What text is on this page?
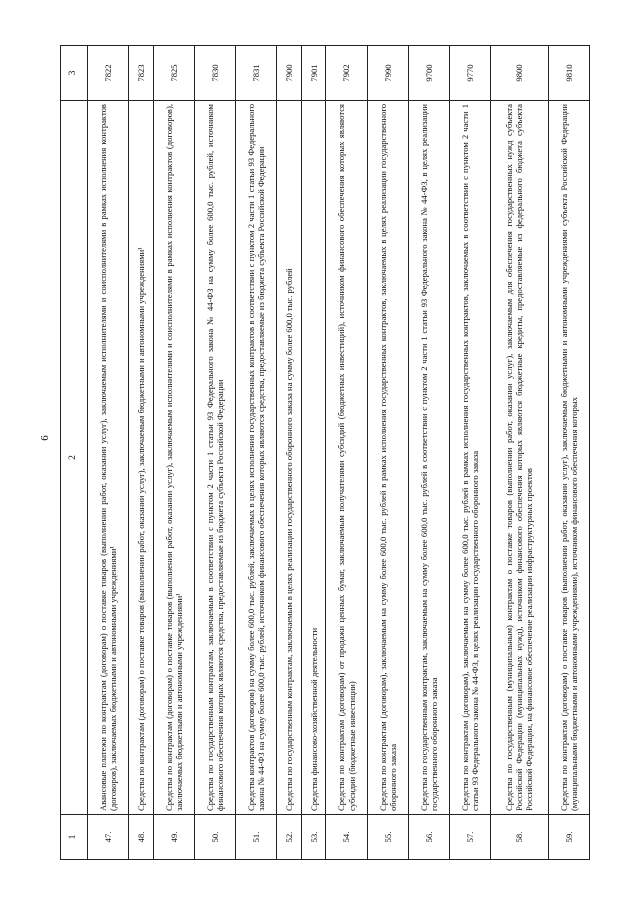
6
1	2	3
47.	Авансовые платежи по контрактам (договорам) о поставке товаров (выполнении работ, оказании услуг), заключаемым исполнителями и соисполнителями в рамках исполнения контрактов (договоров), заключаемых бюджетными и автономными учреждениями¹	7822
48.	Средства по контрактам (договорам) о поставке товаров (выполнении работ, оказании услуг), заключаемым бюджетными и автономными учреждениями¹	7823
49.	Средства по контрактам (договорам) о поставке товаров (выполнении работ, оказании услуг), заключаемым исполнителями и соисполнителями в рамках исполнения контрактов (договоров), заключаемых бюджетными и автономными учреждениями¹	7825
50.	Средства по государственным контрактам, заключаемым в соответствии с пунктом 2 части 1 статьи 93 Федерального закона № 44-ФЗ на сумму более 600,0 тыс. рублей, источником финансового обеспечения которых являются средства, предоставляемые из бюджета субъекта Российской Федерации	7830
51.	Средства контрактов (договоров) на сумму более 600,0 тыс. рублей, заключаемых в целях исполнения государственных контрактов в соответствии с пунктом 2 части 1 статьи 93 Федерального закона № 44-ФЗ на сумму более 600,0 тыс. рублей, источником финансового обеспечения которых являются средства, предоставляемые из бюджета субъекта Российской Федерации	7831
52.	Средства по государственным контрактам, заключаемым в целях реализации государственного оборонного заказа на сумму более 600,0 тыс. рублей	7900
53.	Средства финансово-хозяйственной деятельности	7901
54.	Средства по контрактам (договорам) от продажи ценных бумаг, заключаемым получателями субсидий (бюджетных инвестиций), источником финансового обеспечения которых являются субсидии (бюджетные инвестиции)	7902
55.	Средства по контрактам (договорам), заключаемым на сумму более 600,0 тыс. рублей в рамках исполнения государственных контрактов, заключаемых в целях реализации государственного оборонного заказа	7990
56.	Средства по государственным контрактам, заключаемым на сумму более 600,0 тыс. рублей в соответствии с пунктом 2 части 1 статьи 93 Федерального закона № 44-ФЗ, в целях реализации государственного оборонного заказа	9700
57.	Средства по контрактам (договорам), заключаемым на сумму более 600,0 тыс. рублей в рамках исполнения государственных контрактов, заключаемых в соответствии с пунктом 2 части 1 статьи 93 Федерального закона № 44-ФЗ, в целях реализации государственного оборонного заказа	9770
58.	Средства по государственным (муниципальным) контрактам о поставке товаров (выполнении работ, оказании услуг), заключаемым для обеспечения государственных нужд субъекта Российской Федерации (муниципальных нужд), источником финансового обеспечения которых являются бюджетные кредиты, предоставляемые из федерального бюджета субъекта Российской Федерации, на финансовое обеспечение реализации инфраструктурных проектов	9800
59.	Средства по контрактам (договорам) о поставке товаров (выполнении работ, оказании услуг), заключаемым бюджетными и автономными учреждениями субъекта Российской Федерации (муниципальными бюджетными и автономными учреждениями), источником финансового обеспечения которых	9810
